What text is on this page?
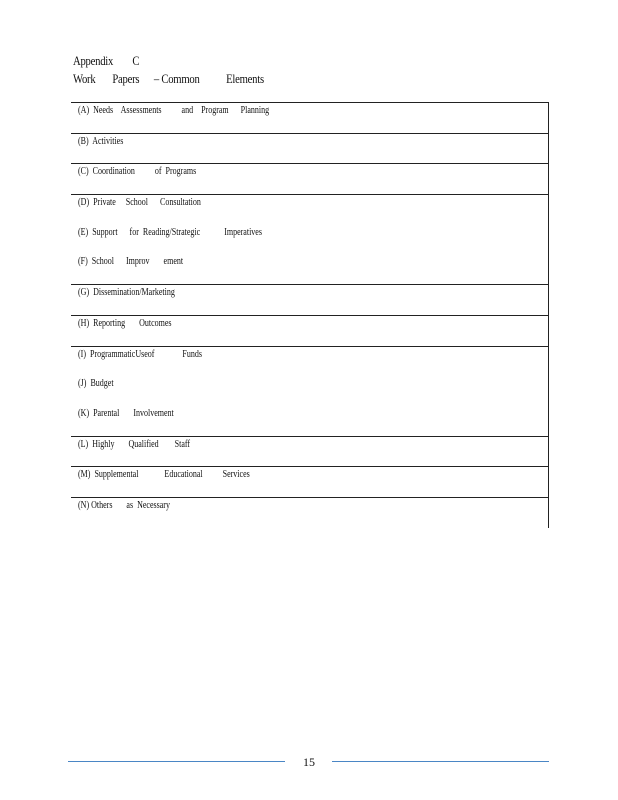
Appendix        C
Work       Papers      – Common           Elements
(A)  Needs    Assessments          and    Program      Planning
(B)  Activities
(C)  Coordination          of  Programs
(D)  Private     School      Consultation
(E)  Support      for  Reading/Strategic            Imperatives
(F)  School      Improv       ement
(G)  Dissemination/Marketing
(H)  Reporting       Outcomes
(I)  ProgrammaticUseof              Funds
(J)  Budget
(K)  Parental       Involvement
(L)  Highly       Qualified        Staff
(M)  Supplemental             Educational          Services
(N) Others       as  Necessary
15
